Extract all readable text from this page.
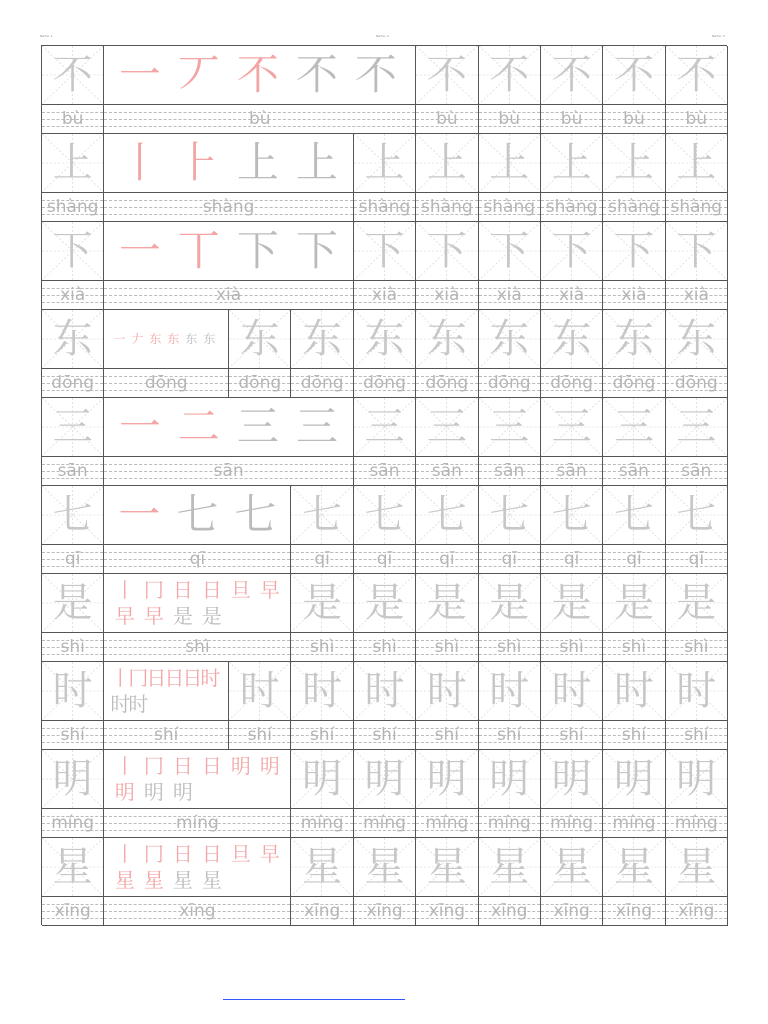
Name: 1	Name: 2	Name: 3
不
bù
一 丆 不 不 不
bù
不
bù
不
bù
不
bù
不
bù
不
bù
上
shàng
丨 ⺊ 上 上
shàng
上
shàng
上
shàng
上
shàng
上
shàng
上
shàng
上
shàng
下
xià
一 丅 下 下
xià
下
xià
下
xià
下
xià
下
xià
下
xià
下
xià
东
dōng
一 𠂇 东 东 东 东
dōng
东
dōng
东
dōng
东
dōng
东
dōng
东
dōng
东
dōng
东
dōng
东
dōng
三
sān
一 二 三 三
sān
三
sān
三
sān
三
sān
三
sān
三
sān
三
sān
七
qī
一 七 七
qī
七
qī
七
qī
七
qī
七
qī
七
qī
七
qī
七
qī
是
shì
丨 冂 日 日 旦 早
早 早 是 是
shì
是
shì
是
shì
是
shì
是
shì
是
shì
是
shì
是
shì
时
shí
丨
冂
日
日
日
时
时
时
shí
时
shí
时
shí
时
shí
时
shí
时
shí
时
shí
时
shí
时
shí
明
míng
丨 冂 日 日 明 明
明 明 明
míng
明
míng
明
míng
明
míng
明
míng
明
míng
明
míng
明
míng
星
xīng
丨 冂 日 日 旦 早
星 星 星 星
xīng
星
xīng
星
xīng
星
xīng
星
xīng
星
xīng
星
xīng
星
xīng
